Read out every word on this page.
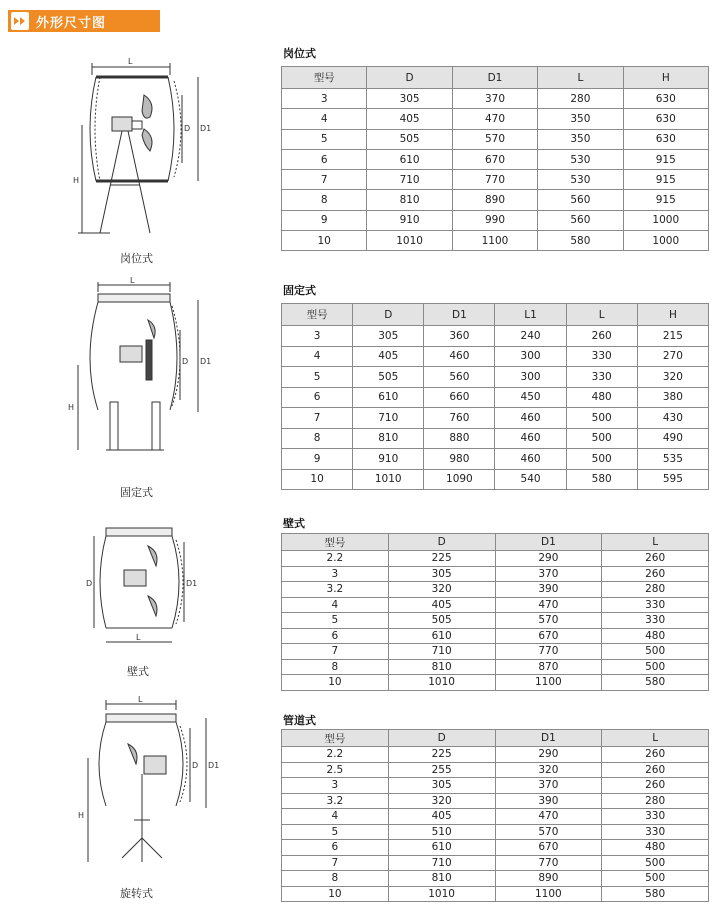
外形尺寸图
岗位式
固定式
壁式
管道式
型号	D	D1	L	H
3	305	370	280	630
4	405	470	350	630
5	505	570	350	630
6	610	670	530	915
7	710	770	530	915
8	810	890	560	915
9	910	990	560	1000
10	1010	1100	580	1000
型号	D	D1	L1	L	H
3	305	360	240	260	215
4	405	460	300	330	270
5	505	560	300	330	320
6	610	660	450	480	380
7	710	760	460	500	430
8	810	880	460	500	490
9	910	980	460	500	535
10	1010	1090	540	580	595
型号	D	D1	L
2.2	225	290	260
3	305	370	260
3.2	320	390	280
4	405	470	330
5	505	570	330
6	610	670	480
7	710	770	500
8	810	870	500
10	1010	1100	580
型号	D	D1	L
2.2	225	290	260
2.5	255	320	260
3	305	370	260
3.2	320	390	280
4	405	470	330
5	510	570	330
6	610	670	480
7	710	770	500
8	810	890	500
10	1010	1100	580
L
D D1
H
岗位式
L
D D1
H
固定式
D
L
D1
壁式
L
D D1
H
旋转式
